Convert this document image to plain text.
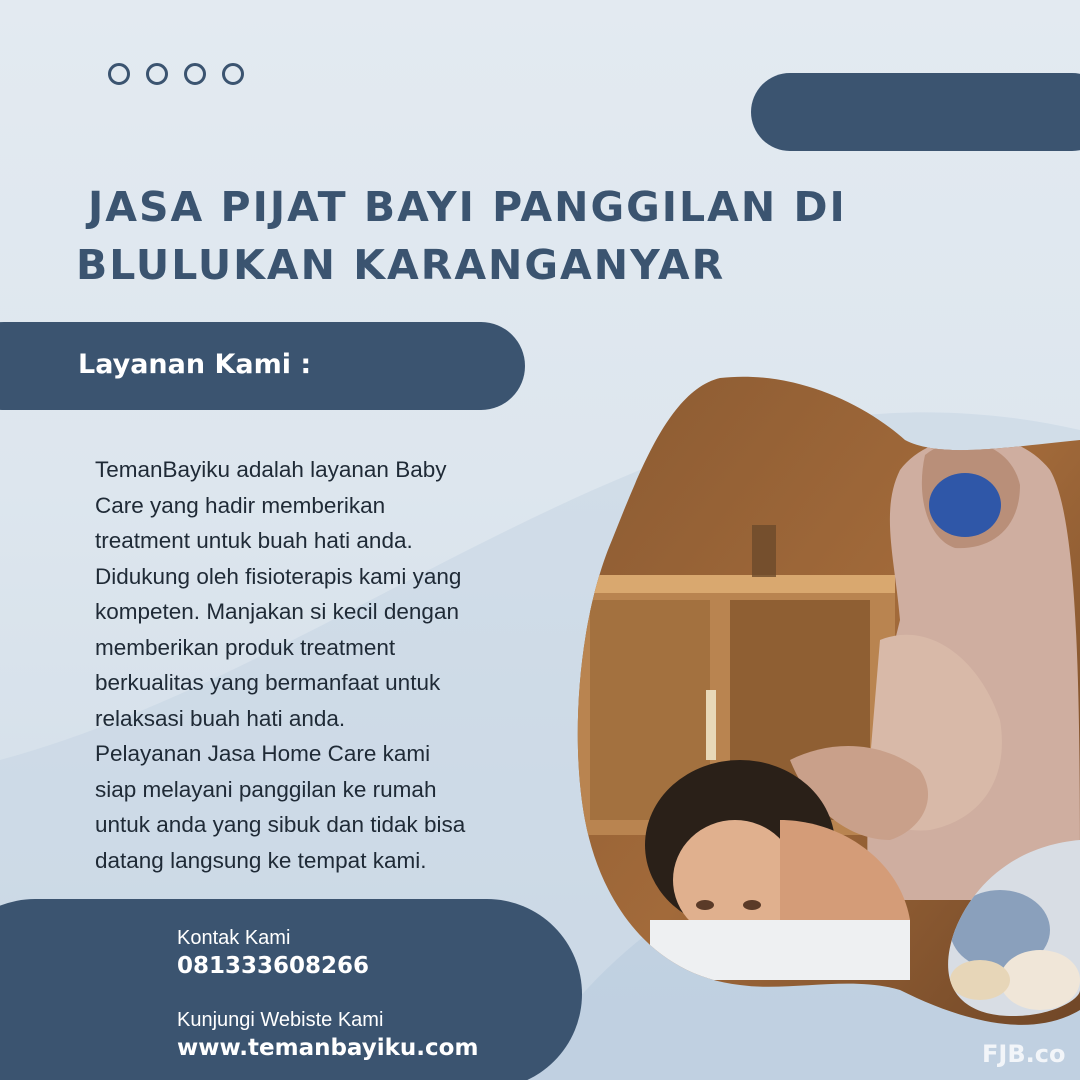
JASA PIJAT BAYI PANGGILAN DI
BLULUKAN KARANGANYAR
Layanan Kami :
TemanBayiku adalah layanan Baby
Care yang hadir memberikan
treatment untuk buah hati anda.
Didukung oleh fisioterapis kami yang
kompeten. Manjakan si kecil dengan
memberikan produk treatment
berkualitas yang bermanfaat untuk
relaksasi buah hati anda.
Pelayanan Jasa Home Care kami
siap melayani panggilan ke rumah
untuk anda yang sibuk dan tidak bisa
datang langsung ke tempat kami.
Kontak Kami
081333608266
Kunjungi Webiste Kami
www.temanbayiku.com	FJB.co
